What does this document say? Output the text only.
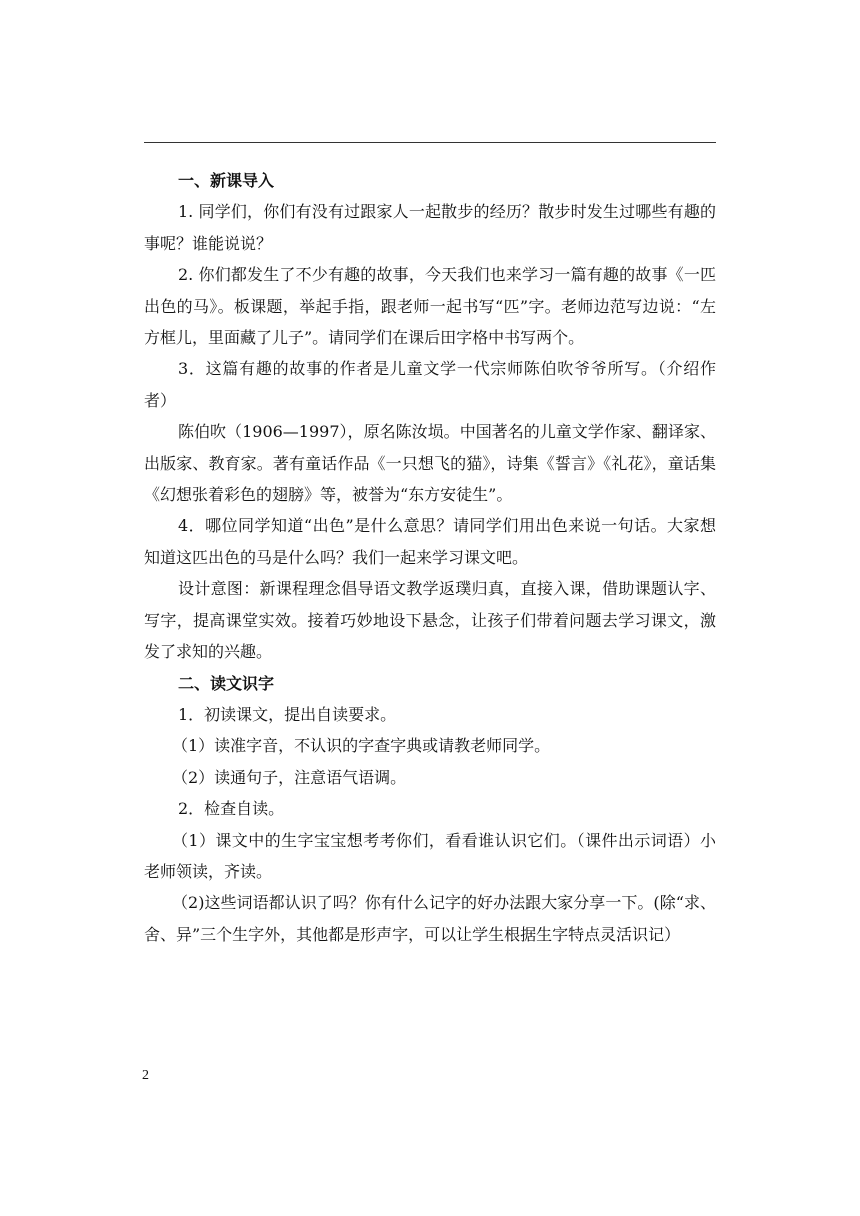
一、新课导入
1. 同学们，你们有没有过跟家人一起散步的经历？散步时发生过哪些有趣的事呢？谁能说说？
2. 你们都发生了不少有趣的故事，今天我们也来学习一篇有趣的故事《一匹出色的马》。板课题，举起手指，跟老师一起书写“匹”字。老师边范写边说：“左方框儿，里面藏了儿子”。请同学们在课后田字格中书写两个。
3．这篇有趣的故事的作者是儿童文学一代宗师陈伯吹爷爷所写。（介绍作者）
陈伯吹（1906—1997），原名陈汝埙。中国著名的儿童文学作家、翻译家、出版家、教育家。著有童话作品《一只想飞的猫》，诗集《誓言》《礼花》，童话集《幻想张着彩色的翅膀》等，被誉为“东方安徒生”。
4．哪位同学知道“出色”是什么意思？请同学们用出色来说一句话。大家想知道这匹出色的马是什么吗？我们一起来学习课文吧。
设计意图：新课程理念倡导语文教学返璞归真，直接入课，借助课题认字、写字，提高课堂实效。接着巧妙地设下悬念，让孩子们带着问题去学习课文，激发了求知的兴趣。
二、读文识字
1．初读课文，提出自读要求。
（1）读准字音，不认识的字查字典或请教老师同学。
（2）读通句子，注意语气语调。
2．检查自读。
（1）课文中的生字宝宝想考考你们，看看谁认识它们。（课件出示词语）小老师领读，齐读。
（2)这些词语都认识了吗？你有什么记字的好办法跟大家分享一下。(除“求、舍、异”三个生字外，其他都是形声字，可以让学生根据生字特点灵活识记）
2
